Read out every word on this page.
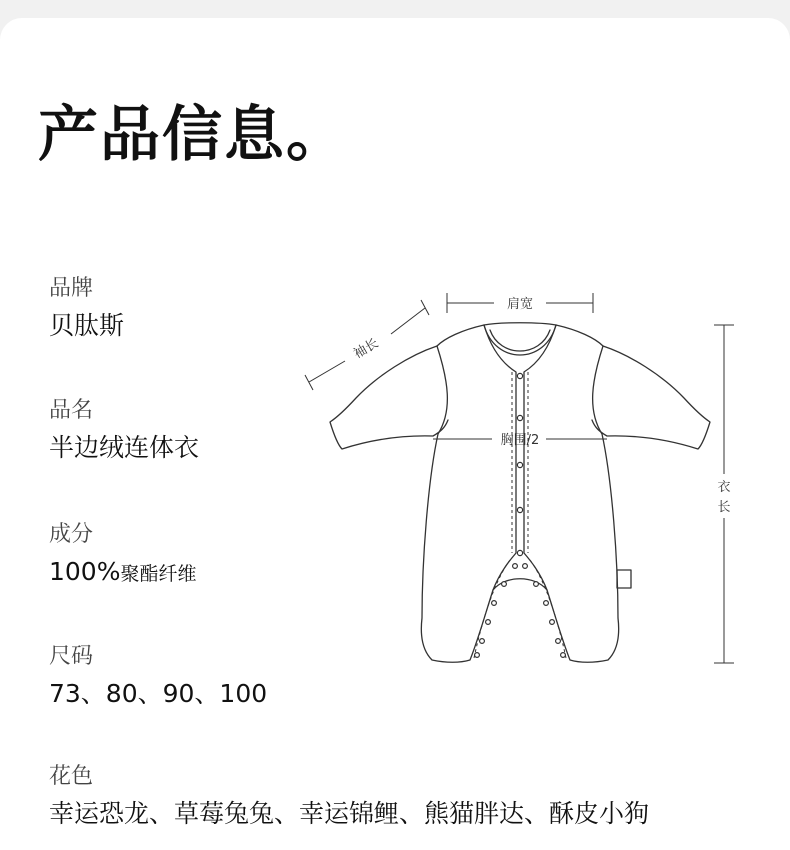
产品信息。
品牌
贝肽斯
品名
半边绒连体衣
成分
100%聚酯纤维
尺码
73、80、90、100
花色
幸运恐龙、草莓兔兔、幸运锦鲤、熊猫胖达、酥皮小狗
肩宽
袖长
胸围/2
衣
长
